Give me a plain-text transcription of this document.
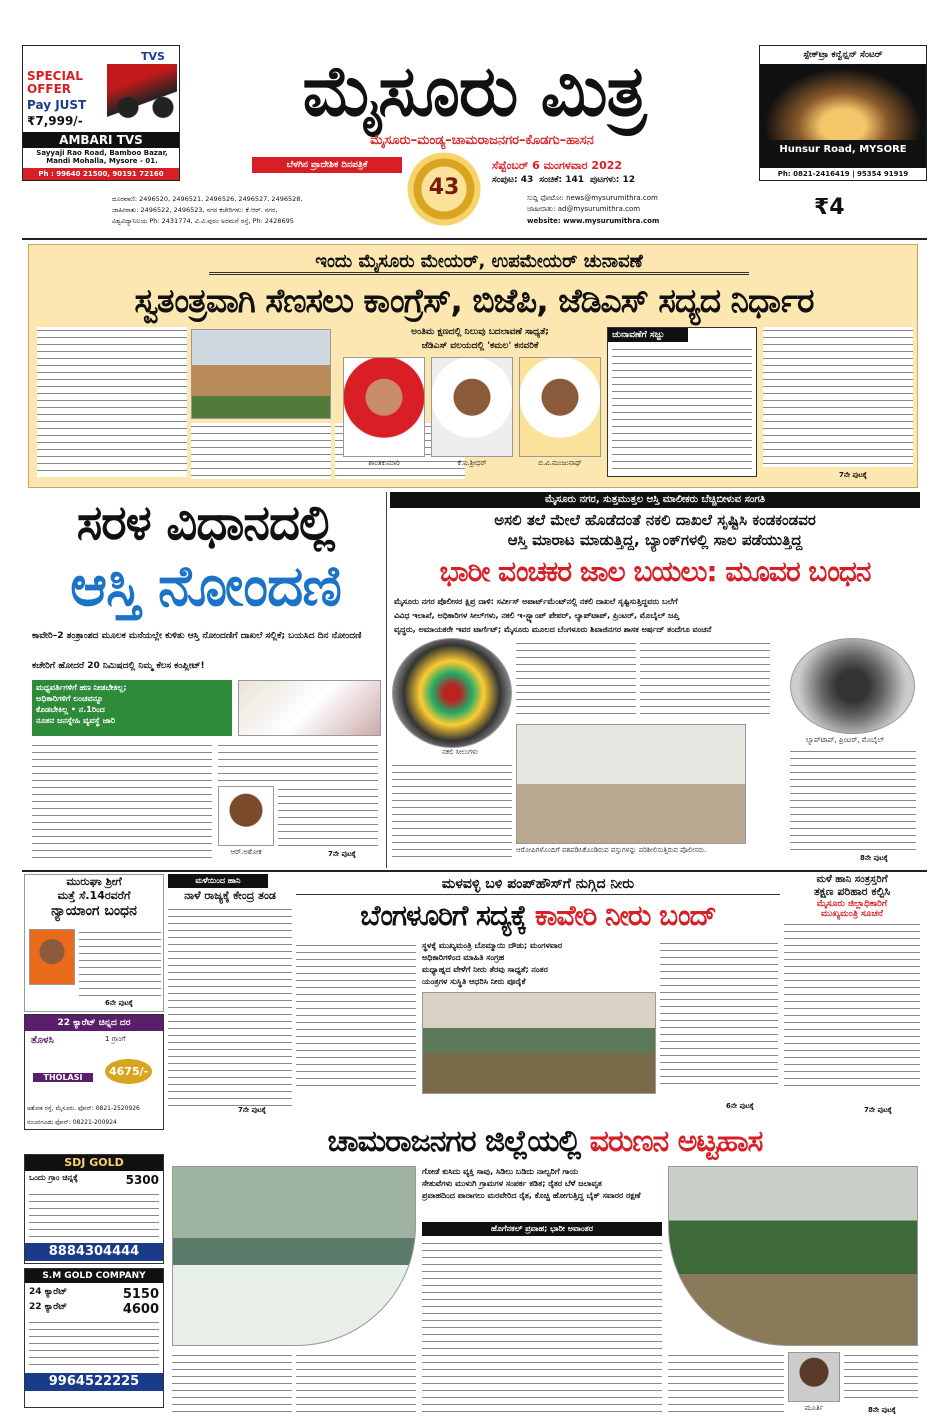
TVS
SPECIAL OFFER
Pay JUST
₹7,999/-
AMBARI TVS
Sayyaji Rao Road, Bamboo Bazar, Mandi Mohalla, Mysore - 01.
Ph : 99640 21500, 90191 72160
ಮೈಸೂರು ಮಿತ್ರ
ಮೈಸೂರು–ಮಂಡ್ಯ–ಚಾಮರಾಜನಗರ–ಕೊಡಗು–ಹಾಸನ
ಬೆಳಗಿನ ಪ್ರಾದೇಶಿಕ ದಿನಪತ್ರಿಕೆ
43
ಸೆಪ್ಟೆಂಬರ್ 6 ಮಂಗಳವಾರ 2022
ಸಂಪುಟ: 43 ಸಂಚಿಕೆ: 141 ಪುಟಗಳು: 12
ಸುದ್ದಿ ಫೋಟೋ: news@mysurumithra.com
ಜಾಹೀರಾತು: ad@mysurumithra.com
website: www.mysurumithra.com
₹4
ದೂರವಾಣಿ: 2496520, 2496521, 2496526, 2496527, 2496528,
ಜಾಹೀರಾತು: 2496522, 2496523, ನಗರ ಕಚೇರಿಗಳು: ಕೆ.ಆರ್. ನಗರ,
ವಿಶ್ವವಿದ್ಯಾನಿಲಯ Ph: 2431774, ವಿ.ವಿ.ಪುರಂ ಅರಮನೆ ರಸ್ತೆ, Ph: 2428695
ಸ್ಪೇಕ್‌ಟ್ರಾ ಕನ್ವೆನ್ಷನ್ ಸೆಂಟರ್
Hunsur Road, MYSORE
Ph: 0821-2416419 | 95354 91919
ಇಂದು ಮೈಸೂರು ಮೇಯರ್, ಉಪಮೇಯರ್ ಚುನಾವಣೆ
ಸ್ವತಂತ್ರವಾಗಿ ಸೆಣಸಲು ಕಾಂಗ್ರೆಸ್, ಬಿಜೆಪಿ, ಜೆಡಿಎಸ್ ಸದ್ಯದ ನಿರ್ಧಾರ
ಅಂತಿಮ ಕ್ಷಣದಲ್ಲಿ ನಿಲುವು ಬದಲಾವಣೆ ಸಾಧ್ಯತೆ;
ಜೆಡಿಎಸ್ ವಲಯದಲ್ಲಿ 'ಕಮಲ' ಕನವರಿಕೆ
ಶಾಂತಕುಮಾರಿ	ಕೆ.ವಿ.ಶ್ರೀಧರ್	ಬಿ.ವಿ.ಮಂಜುನಾಥ್
ಚುನಾವಣೆಗೆ ಸಜ್ಜು
7ನೇ ಪುಟಕ್ಕೆ
ಸರಳ ವಿಧಾನದಲ್ಲಿ
ಆಸ್ತಿ ನೋಂದಣಿ
ಕಾವೇರಿ–2 ತಂತ್ರಾಂಶದ ಮೂಲಕ ಮನೆಯಲ್ಲೇ ಕುಳಿತು ಆಸ್ತಿ ನೋಂದಣಿಗೆ ದಾಖಲೆ ಸಲ್ಲಿಕೆ; ಬಯಸಿದ ದಿನ ನೋಂದಣಿ
ಕಚೇರಿಗೆ ಹೋದರೆ 20 ನಿಮಿಷದಲ್ಲಿ ನಿಮ್ಮ ಕೆಲಸ ಕಂಪ್ಲೀಟ್!
ಮಧ್ಯವರ್ತಿಗಳಿಗೆ ಹಣ ನೀಡಬೇಕಿಲ್ಲ;
ಅಧಿಕಾರಿಗಳಿಗೆ ಲಂಚವನ್ನೂ
ಕೊಡಬೇಕಿಲ್ಲ • ನ.1ರಿಂದ
ನೂತನ ಜನಸ್ನೇಹಿ ವ್ಯವಸ್ಥೆ ಜಾರಿ
ಆರ್.ಅಶೋಕ	7ನೇ ಪುಟಕ್ಕೆ
ಮೈಸೂರು ನಗರ, ಸುತ್ತಮುತ್ತಲ ಆಸ್ತಿ ಮಾಲೀಕರು ಬೆಚ್ಚಿಬೀಳುವ ಸಂಗತಿ
ಅಸಲಿ ತಲೆ ಮೇಲೆ ಹೊಡೆದಂತೆ ನಕಲಿ ದಾಖಲೆ ಸೃಷ್ಟಿಸಿ ಕಂಡಕಂಡವರ
ಆಸ್ತಿ ಮಾರಾಟ ಮಾಡುತ್ತಿದ್ದ, ಬ್ಯಾಂಕ್‌ಗಳಲ್ಲಿ ಸಾಲ ಪಡೆಯುತ್ತಿದ್ದ
ಭಾರೀ ವಂಚಕರ ಜಾಲ ಬಯಲು: ಮೂವರ ಬಂಧನ
ಮೈಸೂರು ನಗರ ಪೊಲೀಸರ ಕ್ಷಿಪ್ರ ದಾಳಿ: ಸರ್ವೀಸ್ ಅಪಾರ್ಟ್‌ಮೆಂಟ್‌ನಲ್ಲಿ ನಕಲಿ ದಾಖಲೆ ಸೃಷ್ಟಿಸುತ್ತಿದ್ದವರು ಬಲೆಗೆ
ವಿವಿಧ ಇಲಾಖೆ, ಅಧಿಕಾರಿಗಳ ಸೀಲ್‌ಗಳು, ನಕಲಿ ಇ-ಸ್ಟ್ಯಾಂಪ್ ಪೇಪರ್, ಲ್ಯಾಪ್‌ಟಾಪ್, ಪ್ರಿಂಟರ್, ಮೊಬೈಲ್ ಜಪ್ತಿ
ವೃದ್ಧರು, ಅಮಾಯಕರೇ ಇವರ ಟಾರ್ಗೆಟ್; ಮೈಸೂರು ಮೂಲದ ಬೆಂಗಳೂರು ಶಿವಾಜಿನಗರ ಶಾಸಕ ಅರ್ಷದ್ ತಂದೆಗೂ ವಂಚನೆ
ನಕಲಿ ಸೀಲುಗಳು
ಲ್ಯಾಪ್‌ಟಾಪ್, ಪ್ರಿಂಟರ್, ಮೊಬೈಲ್
ಆರೋಪಿಗಳೊಂದಿಗೆ ವಶಪಡಿಸಿಕೊಂಡಿರುವ ವಸ್ತುಗಳನ್ನು ಪರಿಶೀಲಿಸುತ್ತಿರುವ ಪೊಲೀಸರು.
8ನೇ ಪುಟಕ್ಕೆ
ಮುರುಘಾ ಶ್ರೀಗೆ
ಮತ್ತೆ ಸೆ.14ರವರೆಗೆ
ನ್ಯಾಯಾಂಗ ಬಂಧನ
6ನೇ ಪುಟಕ್ಕೆ
22 ಕ್ಯಾರೆಟ್ ಚಿನ್ನದ ದರ
ತೊಳಸಿ	1 ಗ್ರಾಂಗೆ
4675/-
THOLASI
ಅಶೋಕ ರಸ್ತೆ, ಮೈಸೂರು. ಫೋನ್: 0821-2520926
ನಂಜನಗೂಡು ಫೋನ್: 08221-200924
ಮಳೆಯಿಂದ ಹಾನಿ
ನಾಳೆ ರಾಜ್ಯಕ್ಕೆ ಕೇಂದ್ರ ತಂಡ
7ನೇ ಪುಟಕ್ಕೆ
ಮಳವಳ್ಳಿ ಬಳಿ ಪಂಪ್‌ಹೌಸ್‌ಗೆ ನುಗ್ಗಿದ ನೀರು
ಬೆಂಗಳೂರಿಗೆ ಸದ್ಯಕ್ಕೆ ಕಾವೇರಿ ನೀರು ಬಂದ್
ಸ್ಥಳಕ್ಕೆ ಮುಖ್ಯಮಂತ್ರಿ ಬೊಮ್ಮಾಯಿ ದೌಡು; ಮಂಗಳವಾರ
ಅಧಿಕಾರಿಗಳಿಂದ ಮಾಹಿತಿ ಸಂಗ್ರಹ
ಮಧ್ಯಾಹ್ನದ ವೇಳೆಗೆ ನೀರು ತೆರವು ಸಾಧ್ಯತೆ; ನಂತರ
ಯಂತ್ರಗಳ ಸುಸ್ಥಿತಿ ಆಧರಿಸಿ ನೀರು ಪೂರೈಕೆ
6ನೇ ಪುಟಕ್ಕೆ
ಮಳೆ ಹಾನಿ ಸಂತ್ರಸ್ತರಿಗೆ
ತಕ್ಷಣ ಪರಿಹಾರ ಕಲ್ಪಿಸಿ
ಮೈಸೂರು ಜಿಲ್ಲಾಧಿಕಾರಿಗೆ
ಮುಖ್ಯಮಂತ್ರಿ ಸೂಚನೆ
7ನೇ ಪುಟಕ್ಕೆ
ಚಾಮರಾಜನಗರ ಜಿಲ್ಲೆಯಲ್ಲಿ ವರುಣನ ಅಟ್ಟಹಾಸ
ಗೋಡೆ ಕುಸಿದು ವ್ಯಕ್ತಿ ಸಾವು, ಸಿಡಿಲು ಬಡಿದು ನಾಲ್ವರಿಗೆ ಗಾಯ
ಸೇತುವೆಗಳು ಮುಳುಗಿ ಗ್ರಾಮಗಳ ಸಂಪರ್ಕ ಕಡಿತ; ರೈತರ ಬೆಳೆ ಜಲಾವೃತ
ಪ್ರವಾಹದಿಂದ ಪಾರಾಗಲು ಮರವೇರಿದ ರೈತ, ಕೊಚ್ಚಿ ಹೋಗುತ್ತಿದ್ದ ಬೈಕ್ ಸವಾರರ ರಕ್ಷಣೆ
ಹೊಗೆನಕಲ್ ಪ್ರವಾಹ; ಭಾರೀ ಅವಾಂತರ
ಮೂರ್ತಿ	8ನೇ ಪುಟಕ್ಕೆ
SDJ GOLD
ಒಂದು ಗ್ರಾಂ ಚಿನ್ನಕ್ಕೆ	5300
8884304444
S.M GOLD COMPANY
24 ಕ್ಯಾರೆಟ್	5150
22 ಕ್ಯಾರೆಟ್	4600
9964522225
